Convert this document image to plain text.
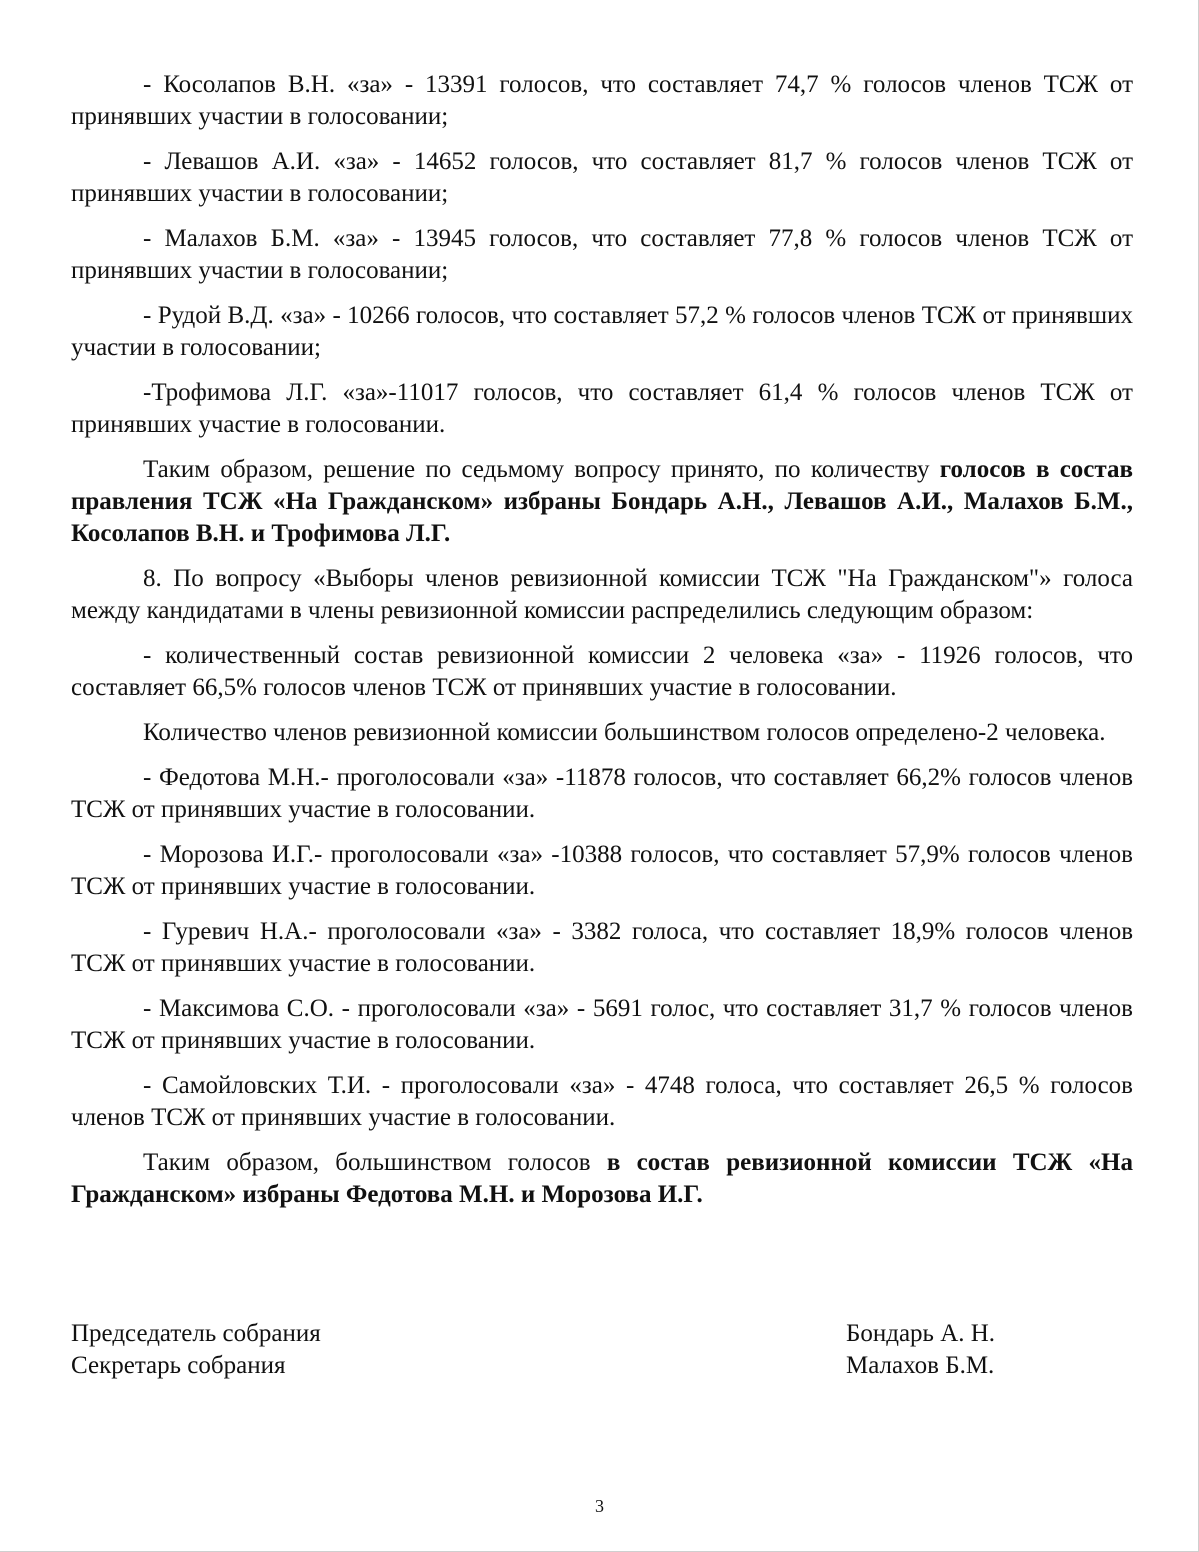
- Косолапов В.Н. «за» - 13391 голосов, что составляет 74,7 % голосов членов ТСЖ от принявших участии в голосовании;

- Левашов А.И. «за» - 14652 голосов, что составляет 81,7 % голосов членов ТСЖ от принявших участии в голосовании;

- Малахов Б.М. «за» - 13945 голосов, что составляет 77,8 % голосов членов ТСЖ от принявших участии в голосовании;

- Рудой В.Д. «за» - 10266 голосов, что составляет 57,2 % голосов членов ТСЖ от принявших участии в голосовании;

-Трофимова Л.Г. «за»-11017 голосов, что составляет 61,4 % голосов членов ТСЖ от принявших участие в голосовании.

Таким образом, решение по седьмому вопросу принято, по количеству голосов в состав правления ТСЖ «На Гражданском» избраны Бондарь А.Н., Левашов А.И., Малахов Б.М., Косолапов В.Н. и Трофимова Л.Г.

8. По вопросу «Выборы членов ревизионной комиссии ТСЖ "На Гражданском"» голоса между кандидатами в члены ревизионной комиссии распределились следующим образом:

- количественный состав ревизионной комиссии 2 человека «за» - 11926 голосов, что составляет 66,5% голосов членов ТСЖ от принявших участие в голосовании.

Количество членов ревизионной комиссии большинством голосов определено-2 человека.

- Федотова М.Н.- проголосовали «за» -11878 голосов, что составляет 66,2% голосов членов ТСЖ от принявших участие в голосовании.

- Морозова И.Г.- проголосовали «за» -10388 голосов, что составляет 57,9% голосов членов ТСЖ от принявших участие в голосовании.

- Гуревич Н.А.- проголосовали «за» - 3382 голоса, что составляет 18,9% голосов членов ТСЖ от принявших участие в голосовании.

- Максимова С.О. - проголосовали «за» - 5691 голос, что составляет 31,7 % голосов членов ТСЖ от принявших участие в голосовании.

- Самойловских Т.И. - проголосовали «за» - 4748 голоса, что составляет 26,5 % голосов членов ТСЖ от принявших участие в голосовании.

Таким образом, большинством голосов в состав ревизионной комиссии ТСЖ «На Гражданском» избраны Федотова М.Н. и Морозова И.Г.

Председатель собрания	Бондарь А. Н.
Секретарь собрания	Малахов Б.М.
3
